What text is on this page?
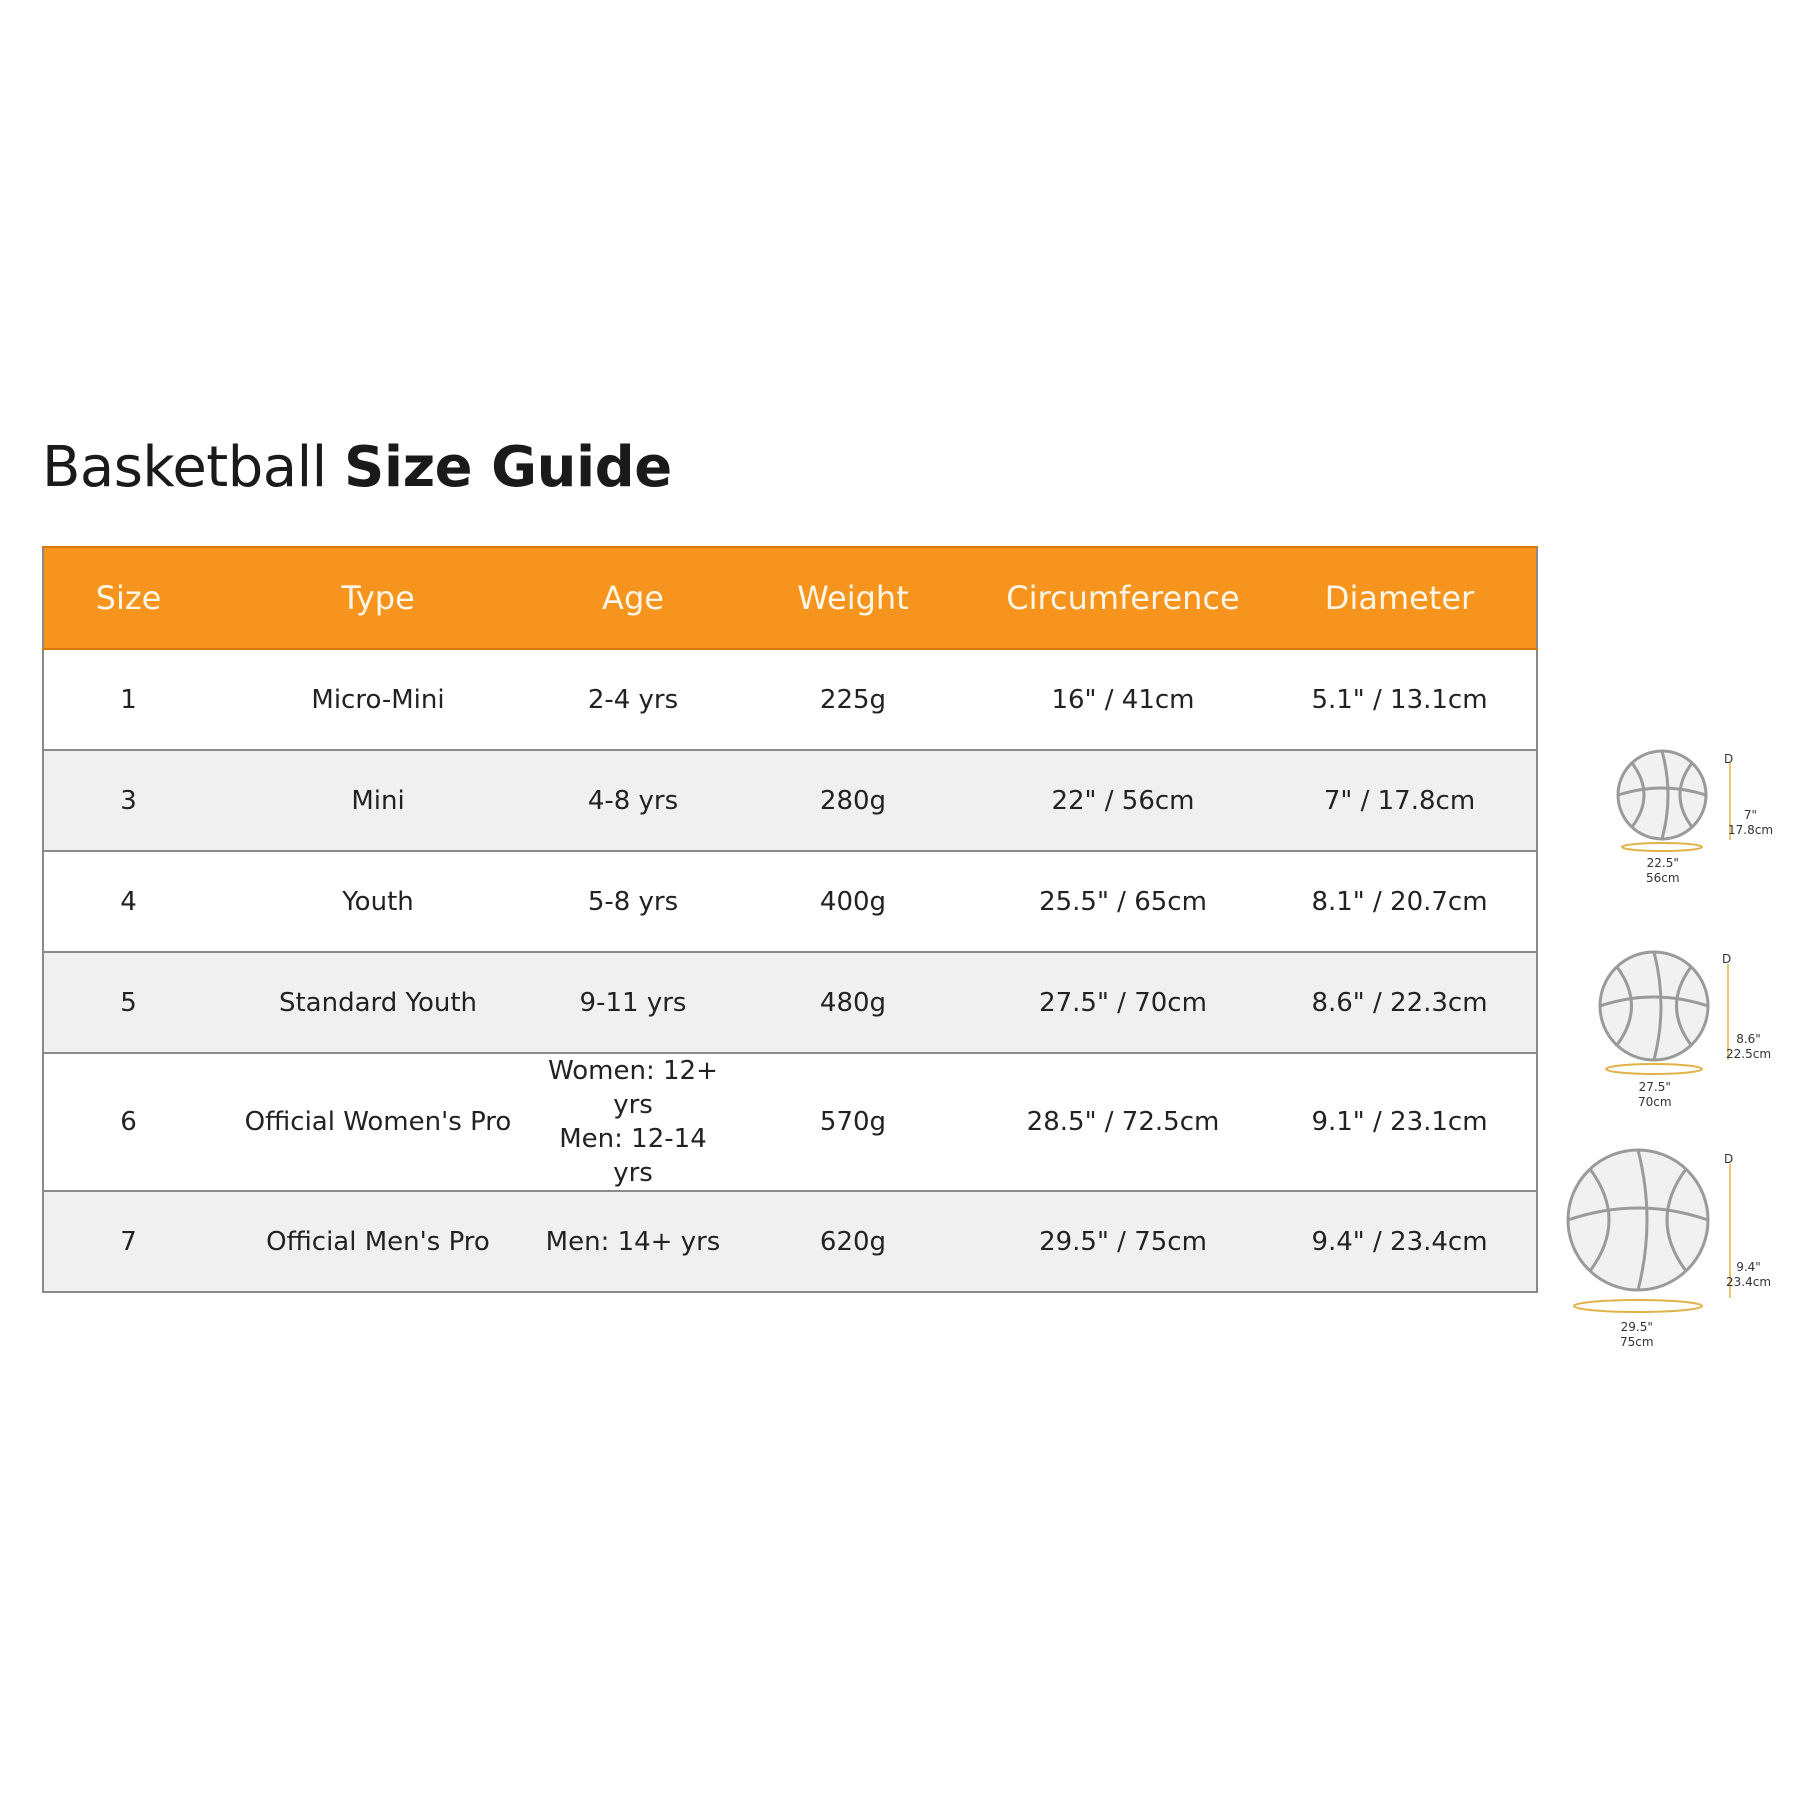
Basketball Size Guide
Size	Type	Age	Weight	Circumference	Diameter
1	Micro-Mini	2-4 yrs	225g	16" / 41cm	5.1" / 13.1cm
3	Mini	4-8 yrs	280g	22" / 56cm	7" / 17.8cm
4	Youth	5-8 yrs	400g	25.5" / 65cm	8.1" / 20.7cm
5	Standard Youth	9-11 yrs	480g	27.5" / 70cm	8.6" / 22.3cm
6	Official Women's Pro	Women: 12+ yrs
Men: 12-14 yrs	570g	28.5" / 72.5cm	9.1" / 23.1cm
7	Official Men's Pro	Men: 14+ yrs	620g	29.5" / 75cm	9.4" / 23.4cm
D
7"
17.8cm
22.5"
56cm
D
8.6"
22.5cm
27.5"
70cm
D
9.4"
23.4cm
29.5"
75cm
